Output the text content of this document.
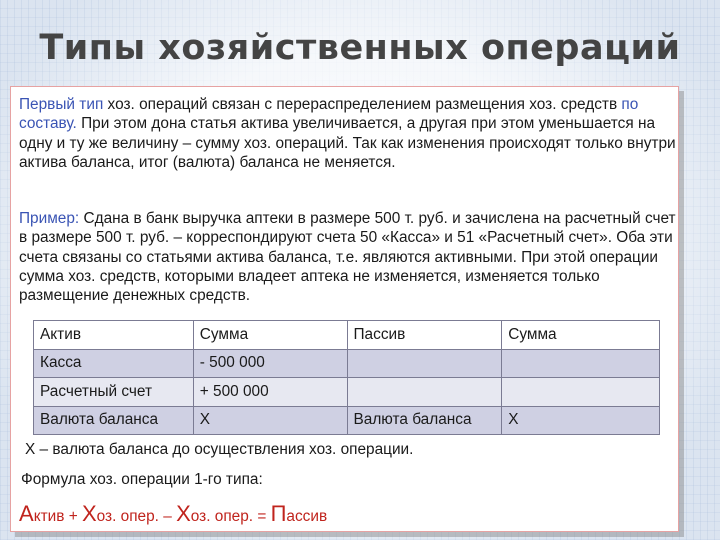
Типы хозяйственных операций
Первый тип хоз. операций связан с перераспределением размещения хоз. средств по составу. При этом дона статья актива увеличивается, а другая при этом уменьшается на одну и ту же величину – сумму хоз. операций. Так как изменения происходят только внутри актива баланса, итог (валюта) баланса не меняется.
Пример: Сдана в банк выручка аптеки в размере 500 т. руб. и зачислена на расчетный счет в размере 500 т. руб. – корреспондируют счета 50 «Касса» и 51 «Расчетный счет». Оба эти счета связаны со статьями актива баланса, т.е. являются активными. При этой операции сумма хоз. средств, которыми владеет аптека не изменяется, изменяется только размещение денежных средств.
Актив	Сумма	Пассив	Сумма
Касса	- 500 000		
Расчетный счет	+ 500 000		
Валюта баланса	Х	Валюта баланса	Х
Х – валюта баланса до осуществления хоз. операции.
Формула хоз. операции 1-го типа:
Актив + Хоз. опер. – Хоз. опер. = Пассив
